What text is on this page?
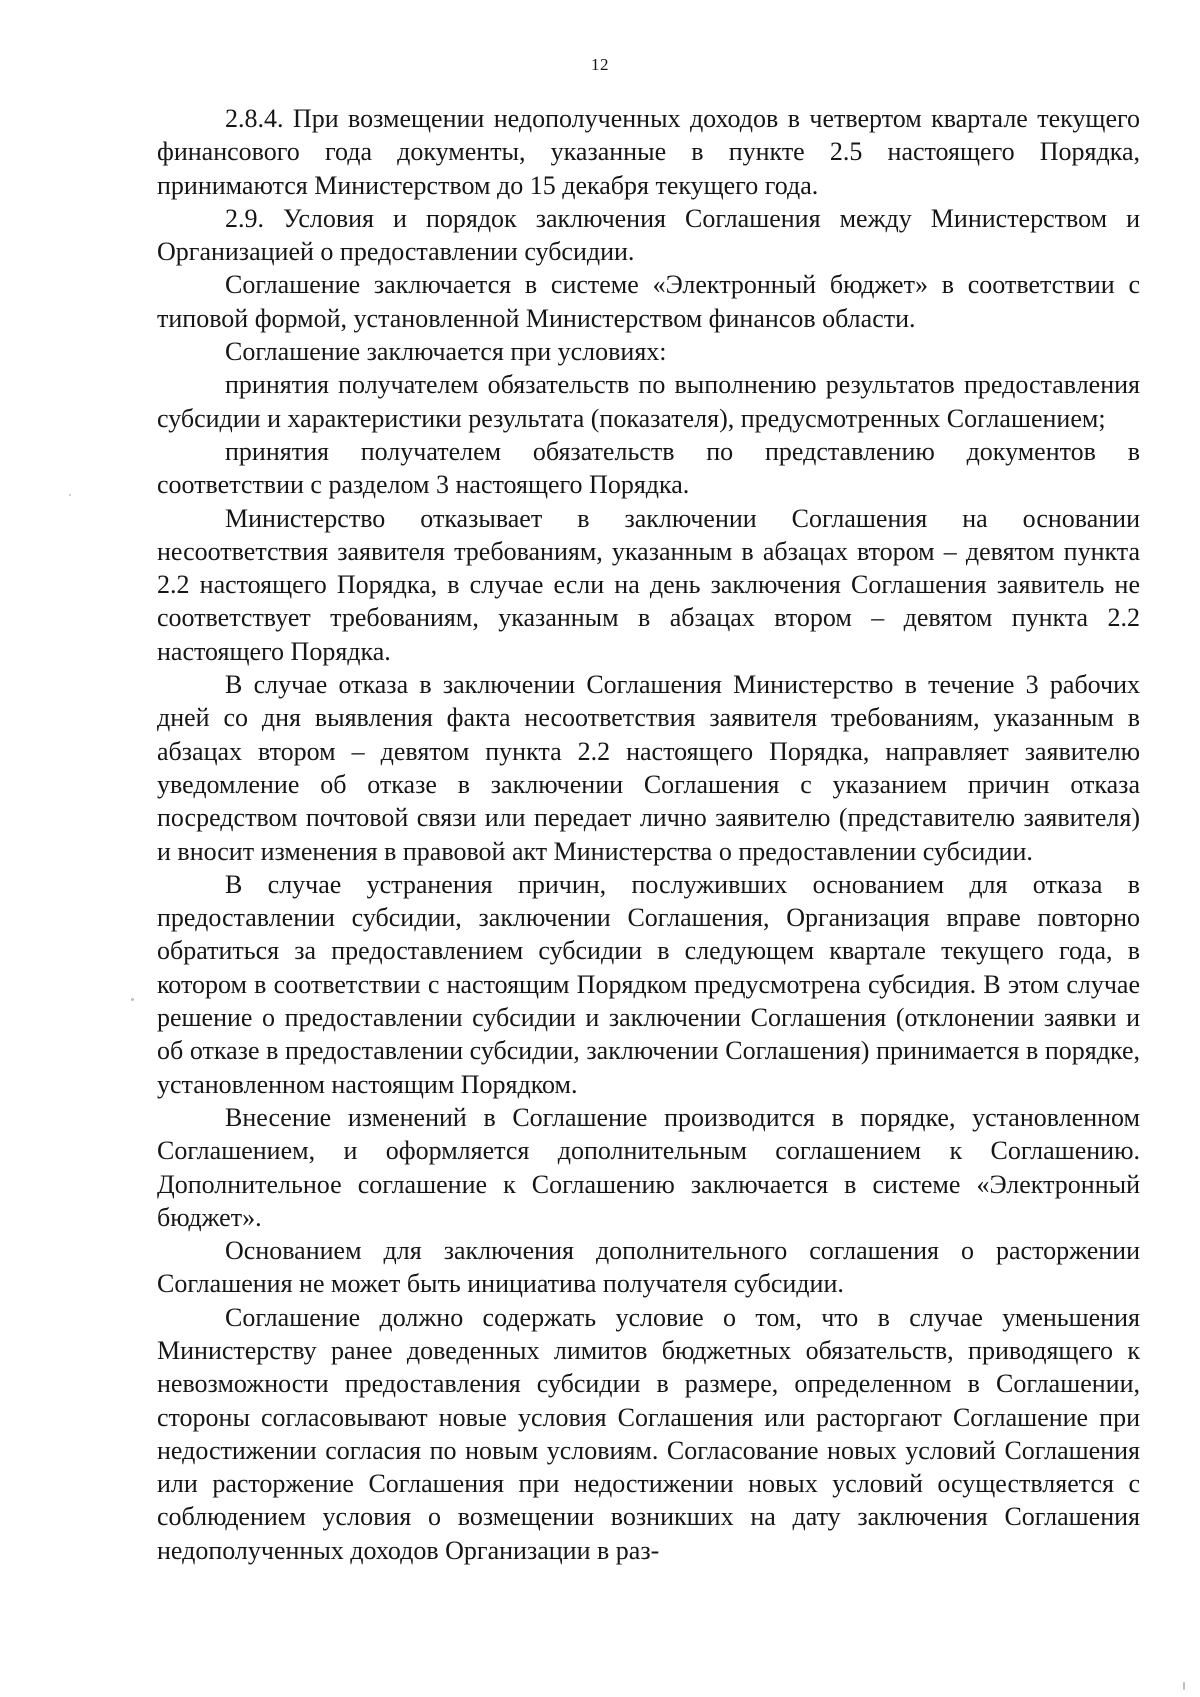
12

2.8.4. При возмещении недополученных доходов в четвертом квартале текущего финансового года документы, указанные в пункте 2.5 настоящего Порядка, принимаются Министерством до 15 декабря текущего года.

2.9. Условия и порядок заключения Соглашения между Министерством и Организацией о предоставлении субсидии.

Соглашение заключается в системе «Электронный бюджет» в соответствии с типовой формой, установленной Министерством финансов области.

Соглашение заключается при условиях:

принятия получателем обязательств по выполнению результатов предоставления субсидии и характеристики результата (показателя), предусмотренных Соглашением;

принятия получателем обязательств по представлению документов в соответствии с разделом 3 настоящего Порядка.

Министерство отказывает в заключении Соглашения на основании несоответствия заявителя требованиям, указанным в абзацах втором – девятом пункта 2.2 настоящего Порядка, в случае если на день заключения Соглашения заявитель не соответствует требованиям, указанным в абзацах втором – девятом пункта 2.2 настоящего Порядка.

В случае отказа в заключении Соглашения Министерство в течение 3 рабочих дней со дня выявления факта несоответствия заявителя требованиям, указанным в абзацах втором – девятом пункта 2.2 настоящего Порядка, направляет заявителю уведомление об отказе в заключении Соглашения с указанием причин отказа посредством почтовой связи или передает лично заявителю (представителю заявителя) и вносит изменения в правовой акт Министерства о предоставлении субсидии.

В случае устранения причин, послуживших основанием для отказа в предоставлении субсидии, заключении Соглашения, Организация вправе повторно обратиться за предоставлением субсидии в следующем квартале текущего года, в котором в соответствии с настоящим Порядком предусмотрена субсидия. В этом случае решение о предоставлении субсидии и заключении Соглашения (отклонении заявки и об отказе в предоставлении субсидии, заключении Соглашения) принимается в порядке, установленном настоящим Порядком.

Внесение изменений в Соглашение производится в порядке, установленном Соглашением, и оформляется дополнительным соглашением к Соглашению. Дополнительное соглашение к Соглашению заключается в системе «Электронный бюджет».

Основанием для заключения дополнительного соглашения о расторжении Соглашения не может быть инициатива получателя субсидии.

Соглашение должно содержать условие о том, что в случае уменьшения Министерству ранее доведенных лимитов бюджетных обязательств, приводящего к невозможности предоставления субсидии в размере, определенном в Соглашении, стороны согласовывают новые условия Соглашения или расторгают Соглашение при недостижении согласия по новым условиям. Согласование новых условий Соглашения или расторжение Соглашения при недостижении новых условий осуществляется с соблюдением условия о возмещении возникших на дату заключения Соглашения недополученных доходов Организации в раз-
